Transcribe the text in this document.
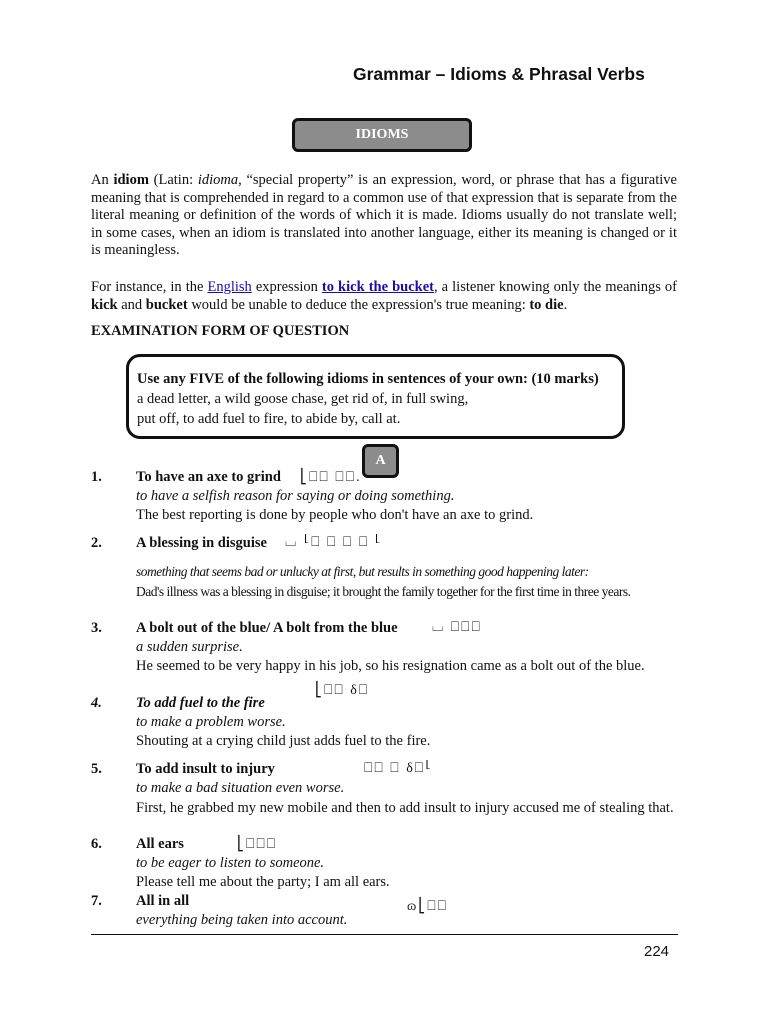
Grammar – Idioms & Phrasal Verbs
IDIOMS
An idiom (Latin: idioma, “special property” is an expression, word, or phrase that has a figurative meaning that is comprehended in regard to a common use of that expression that is separate from the literal meaning or definition of the words of which it is made. Idioms usually do not translate well; in some cases, when an idiom is translated into another language, either its meaning is changed or it is meaningless.
For instance, in the English expression to kick the bucket, a listener knowing only the meanings of kick and bucket would be unable to deduce the expression's true meaning: to die.
EXAMINATION FORM OF QUESTION
Use any FIVE of the following idioms in sentences of your own: (10 marks)
a dead letter, a wild goose chase, get rid of, in full swing,
put off, to add fuel to fire, to abide by, call at.
A
1. To have an axe to grind ⎣⎕⎕ ⎕⎕.
to have a selfish reason for saying or doing something.
The best reporting is done by people who don't have an axe to grind.
2. A blessing in disguise ⌴ ⎣⎕ ⎕ ⎕ ⎕ ⎣
something that seems bad or unlucky at first, but results in something good happening later:
Dad's illness was a blessing in disguise; it brought the family together for the first time in three years.
3. A bolt out of the blue/ A bolt from the blue ⌴ ⎕⎕⎕
a sudden surprise.
He seemed to be very happy in his job, so his resignation came as a bolt out of the blue.
⎣⎕⎕ δ⎕
4. To add fuel to the fire
to make a problem worse.
Shouting at a crying child just adds fuel to the fire.
5. To add insult to injury	⎕⎕ ⎕ δ⎕⎣
to make a bad situation even worse.
First, he grabbed my new mobile and then to add insult to injury accused me of stealing that.
6. All ears	⎣⎕⎕⎕
to be eager to listen to someone.
Please tell me about the party; I am all ears.
7. All in all	ɷ⎣⎕⎕
everything being taken into account.
224
